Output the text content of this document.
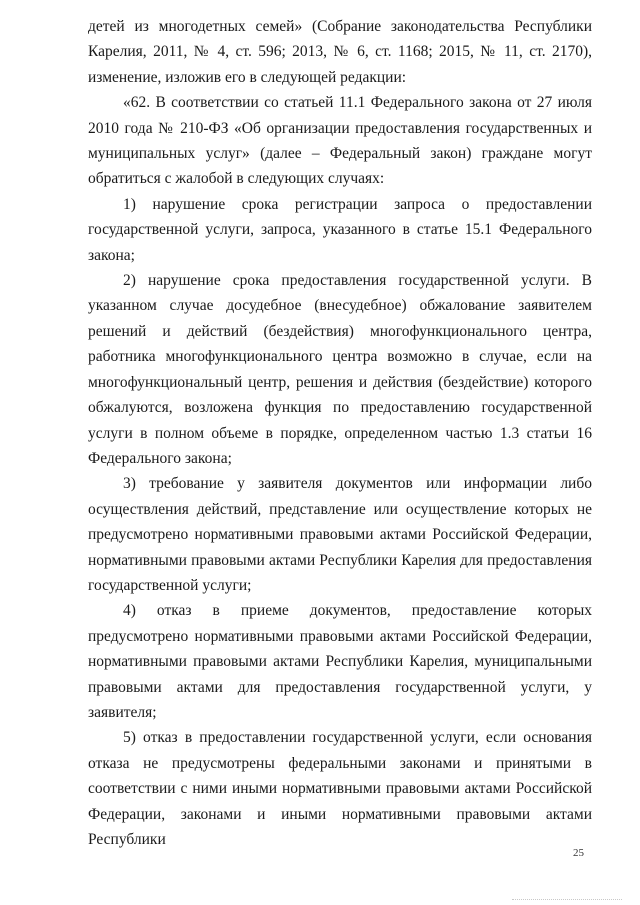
детей из многодетных семей» (Собрание законодательства Республики Карелия, 2011, № 4, ст. 596; 2013, № 6, ст. 1168; 2015, № 11, ст. 2170), изменение, изложив его в следующей редакции:

«62. В соответствии со статьей 11.1 Федерального закона от 27 июля 2010 года № 210-ФЗ «Об организации предоставления государственных и муниципальных услуг» (далее – Федеральный закон) граждане могут обратиться с жалобой в следующих случаях:

1) нарушение срока регистрации запроса о предоставлении государственной услуги, запроса, указанного в статье 15.1 Федерального закона;

2) нарушение срока предоставления государственной услуги. В указанном случае досудебное (внесудебное) обжалование заявителем решений и действий (бездействия) многофункционального центра, работника многофункционального центра возможно в случае, если на многофункциональный центр, решения и действия (бездействие) которого обжалуются, возложена функция по предоставлению государственной услуги в полном объеме в порядке, определенном частью 1.3 статьи 16 Федерального закона;

3) требование у заявителя документов или информации либо осуществления действий, представление или осуществление которых не предусмотрено нормативными правовыми актами Российской Федерации, нормативными правовыми актами Республики Карелия для предоставления государственной услуги;

4) отказ в приеме документов, предоставление которых предусмотрено нормативными правовыми актами Российской Федерации, нормативными правовыми актами Республики Карелия, муниципальными правовыми актами для предоставления государственной услуги, у заявителя;

5) отказ в предоставлении государственной услуги, если основания отказа не предусмотрены федеральными законами и принятыми в соответствии с ними иными нормативными правовыми актами Российской Федерации, законами и иными нормативными правовыми актами Республики

25
